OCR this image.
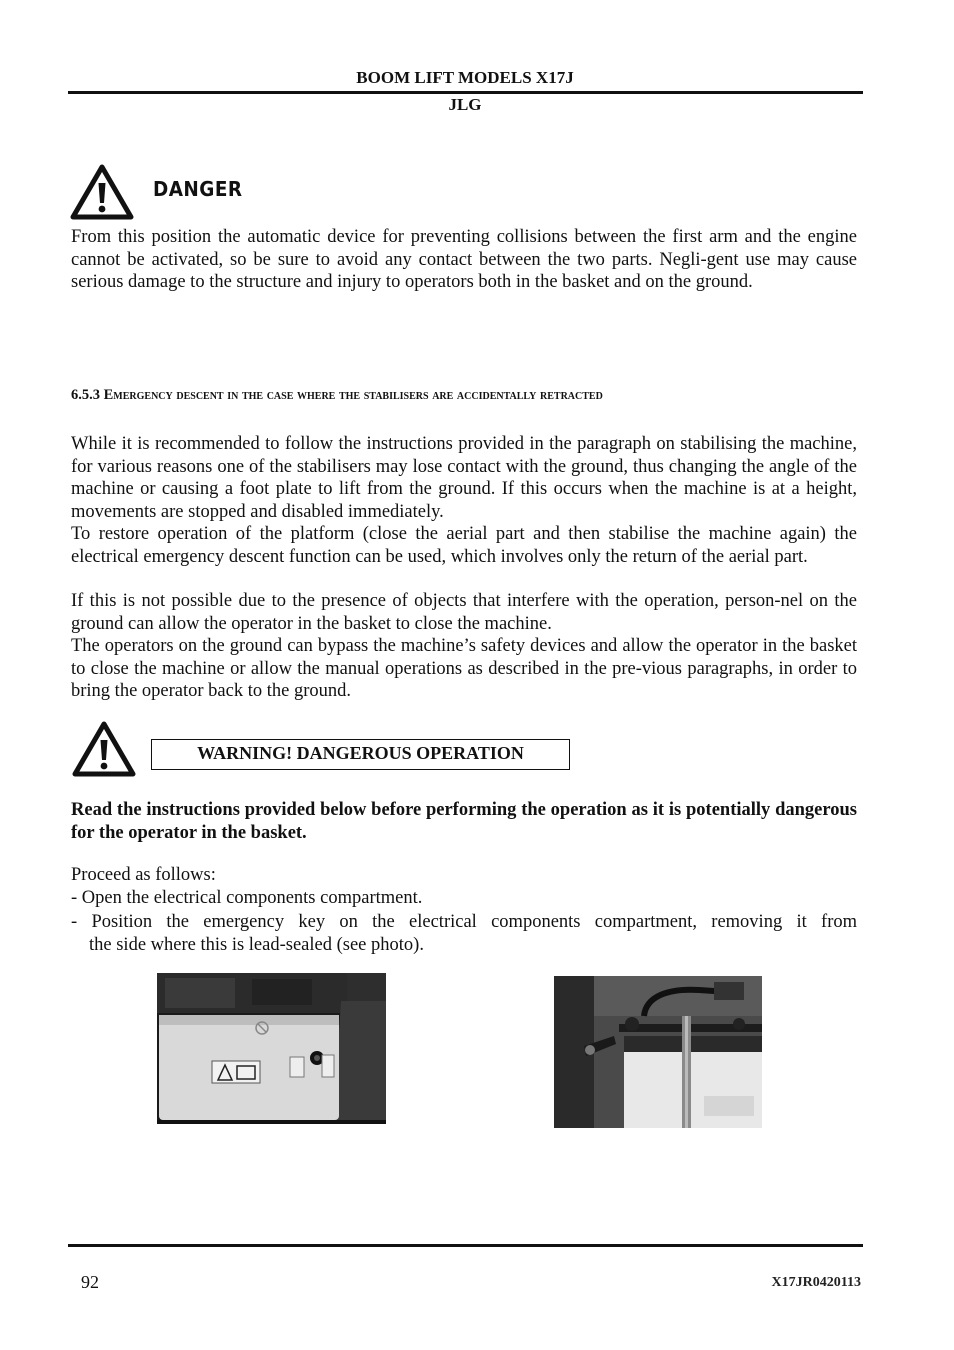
BOOM LIFT MODELS X17J
JLG
DANGER

From this position the automatic device for preventing collisions between the first arm and the engine cannot be activated, so be sure to avoid any contact between the two parts. Negli-gent use may cause serious damage to the structure and injury to operators both in the basket and on the ground.

6.5.3 Emergency descent in the case where the stabilisers are accidentally retracted

While it is recommended to follow the instructions provided in the paragraph on stabilising the machine, for various reasons one of the stabilisers may lose contact with the ground, thus changing the angle of the machine or causing a foot plate to lift from the ground. If this occurs when the machine is at a height, movements are stopped and disabled immediately.

To restore operation of the platform (close the aerial part and then stabilise the machine again) the electrical emergency descent function can be used, which involves only the return of the aerial part.

If this is not possible due to the presence of objects that interfere with the operation, person-nel on the ground can allow the operator in the basket to close the machine.

The operators on the ground can bypass the machine’s safety devices and allow the operator in the basket to close the machine or allow the manual operations as described in the pre-vious paragraphs, in order to bring the operator back to the ground.

WARNING! DANGEROUS OPERATION

Read the instructions provided below before performing the operation as it is potentially dangerous for the operator in the basket.

Proceed as follows:
- Open the electrical components compartment.

- Position the emergency key on the electrical components compartment, removing it from

the side where this is lead-sealed (see photo).
92	X17JR0420113
